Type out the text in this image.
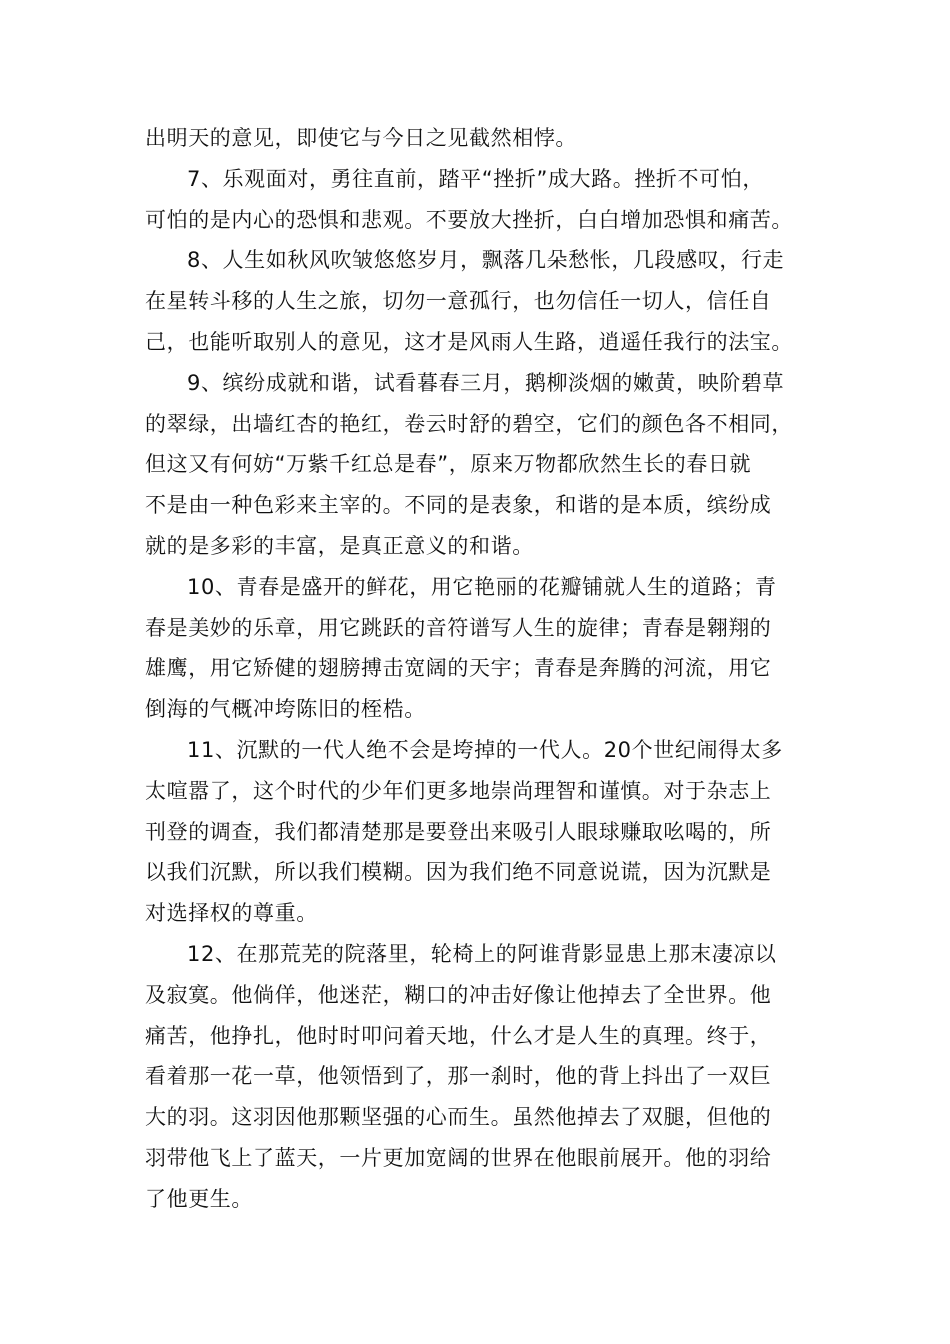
出明天的意见，即使它与今日之见截然相悖。
7、乐观面对，勇往直前，踏平“挫折”成大路。挫折不可怕，
可怕的是内心的恐惧和悲观。不要放大挫折，白白增加恐惧和痛苦。
8、人生如秋风吹皱悠悠岁月，飘落几朵愁怅，几段感叹，行走
在星转斗移的人生之旅，切勿一意孤行，也勿信任一切人，信任自
己，也能听取别人的意见，这才是风雨人生路，逍遥任我行的法宝。
9、缤纷成就和谐，试看暮春三月，鹅柳淡烟的嫩黄，映阶碧草
的翠绿，出墙红杏的艳红，卷云时舒的碧空，它们的颜色各不相同，
但这又有何妨“万紫千红总是春”，原来万物都欣然生长的春日就
不是由一种色彩来主宰的。不同的是表象，和谐的是本质，缤纷成
就的是多彩的丰富，是真正意义的和谐。
10、青春是盛开的鲜花，用它艳丽的花瓣铺就人生的道路；青
春是美妙的乐章，用它跳跃的音符谱写人生的旋律；青春是翱翔的
雄鹰，用它矫健的翅膀搏击宽阔的天宇；青春是奔腾的河流，用它
倒海的气概冲垮陈旧的桎梏。
11、沉默的一代人绝不会是垮掉的一代人。20个世纪闹得太多
太喧嚣了，这个时代的少年们更多地崇尚理智和谨慎。对于杂志上
刊登的调查，我们都清楚那是要登出来吸引人眼球赚取吆喝的，所
以我们沉默，所以我们模糊。因为我们绝不同意说谎，因为沉默是
对选择权的尊重。
12、在那荒芜的院落里，轮椅上的阿谁背影显患上那末凄凉以
及寂寞。他倘佯，他迷茫，糊口的冲击好像让他掉去了全世界。他
痛苦，他挣扎，他时时叩问着天地，什么才是人生的真理。终于，
看着那一花一草，他领悟到了，那一刹时，他的背上抖出了一双巨
大的羽。这羽因他那颗坚强的心而生。虽然他掉去了双腿，但他的
羽带他飞上了蓝天，一片更加宽阔的世界在他眼前展开。他的羽给
了他更生。
